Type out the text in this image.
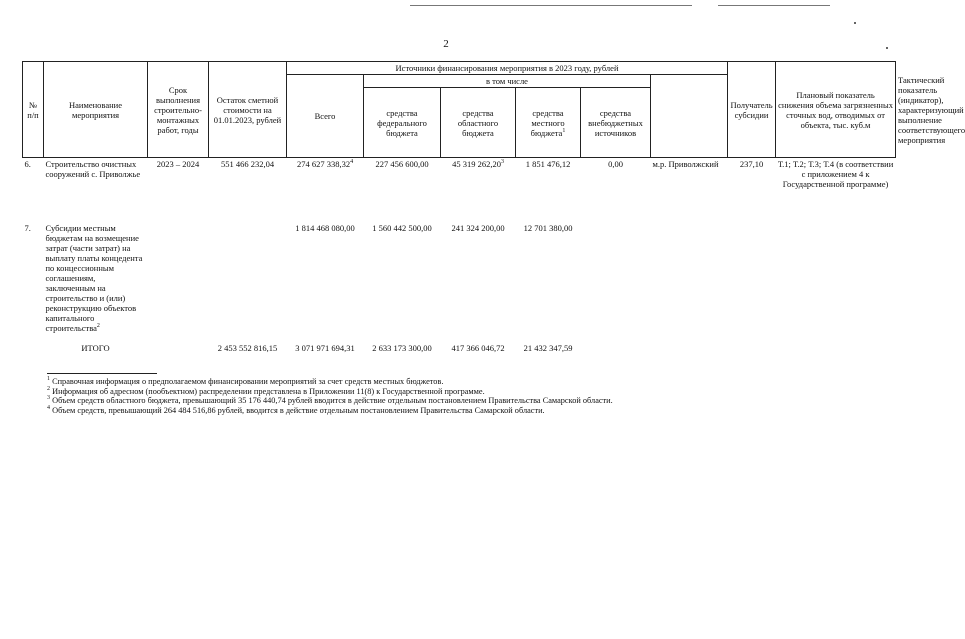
2
№ п/п	Наименование мероприятия	Срок выполнения строительно-монтажных работ, годы	Остаток сметной стоимости на 01.01.2023, рублей	Источники финансирования мероприятия в 2023 году, рублей						Получатель субсидии	Плановый показатель снижения объема загрязненных сточных вод, отводимых от объекта, тыс. куб.м	Тактический показатель (индикатор), характеризующий выполнение соответствующего мероприятия
				Всего	в том числе							
					средства федерального бюджета	средства областного бюджета	средства местного бюджета$^1$	средства внебюджетных источников				
6.	Строительство очистных сооружений с. Приволжье	2023 – 2024	551 466 232,04	274 627 338,32$^4$	227 456 600,00	45 319 262,20$^3$	1 851 476,12	0,00	м.р. Приволжский	237,10	Т.1; Т.2; Т.3; Т.4 (в соответствии с приложением 4 к Государственной программе)	
7.	Субсидии местным бюджетам на возмещение затрат (части затрат) на выплату платы концедента по концессионным соглашениям, заключенным на строительство и (или) реконструкцию объектов капитального строительства$^2$			1 814 468 080,00	1 560 442 500,00	241 324 200,00	12 701 380,00					
	ИТОГО		2 453 552 816,15	3 071 971 694,31	2 633 173 300,00	417 366 046,72	21 432 347,59					
$^1$ Справочная информация о предполагаемом финансировании мероприятий за счет средств местных бюджетов.
$^2$ Информация об адресном (пообъектном) распределении представлена в Приложении 11(8) к Государственной программе.
$^3$ Объем средств областного бюджета, превышающий 35 176 440,74 рублей вводится в действие отдельным постановлением Правительства Самарской области.
$^4$ Объем средств, превышающий 264 484 516,86 рублей, вводится в действие отдельным постановлением Правительства Самарской области.
